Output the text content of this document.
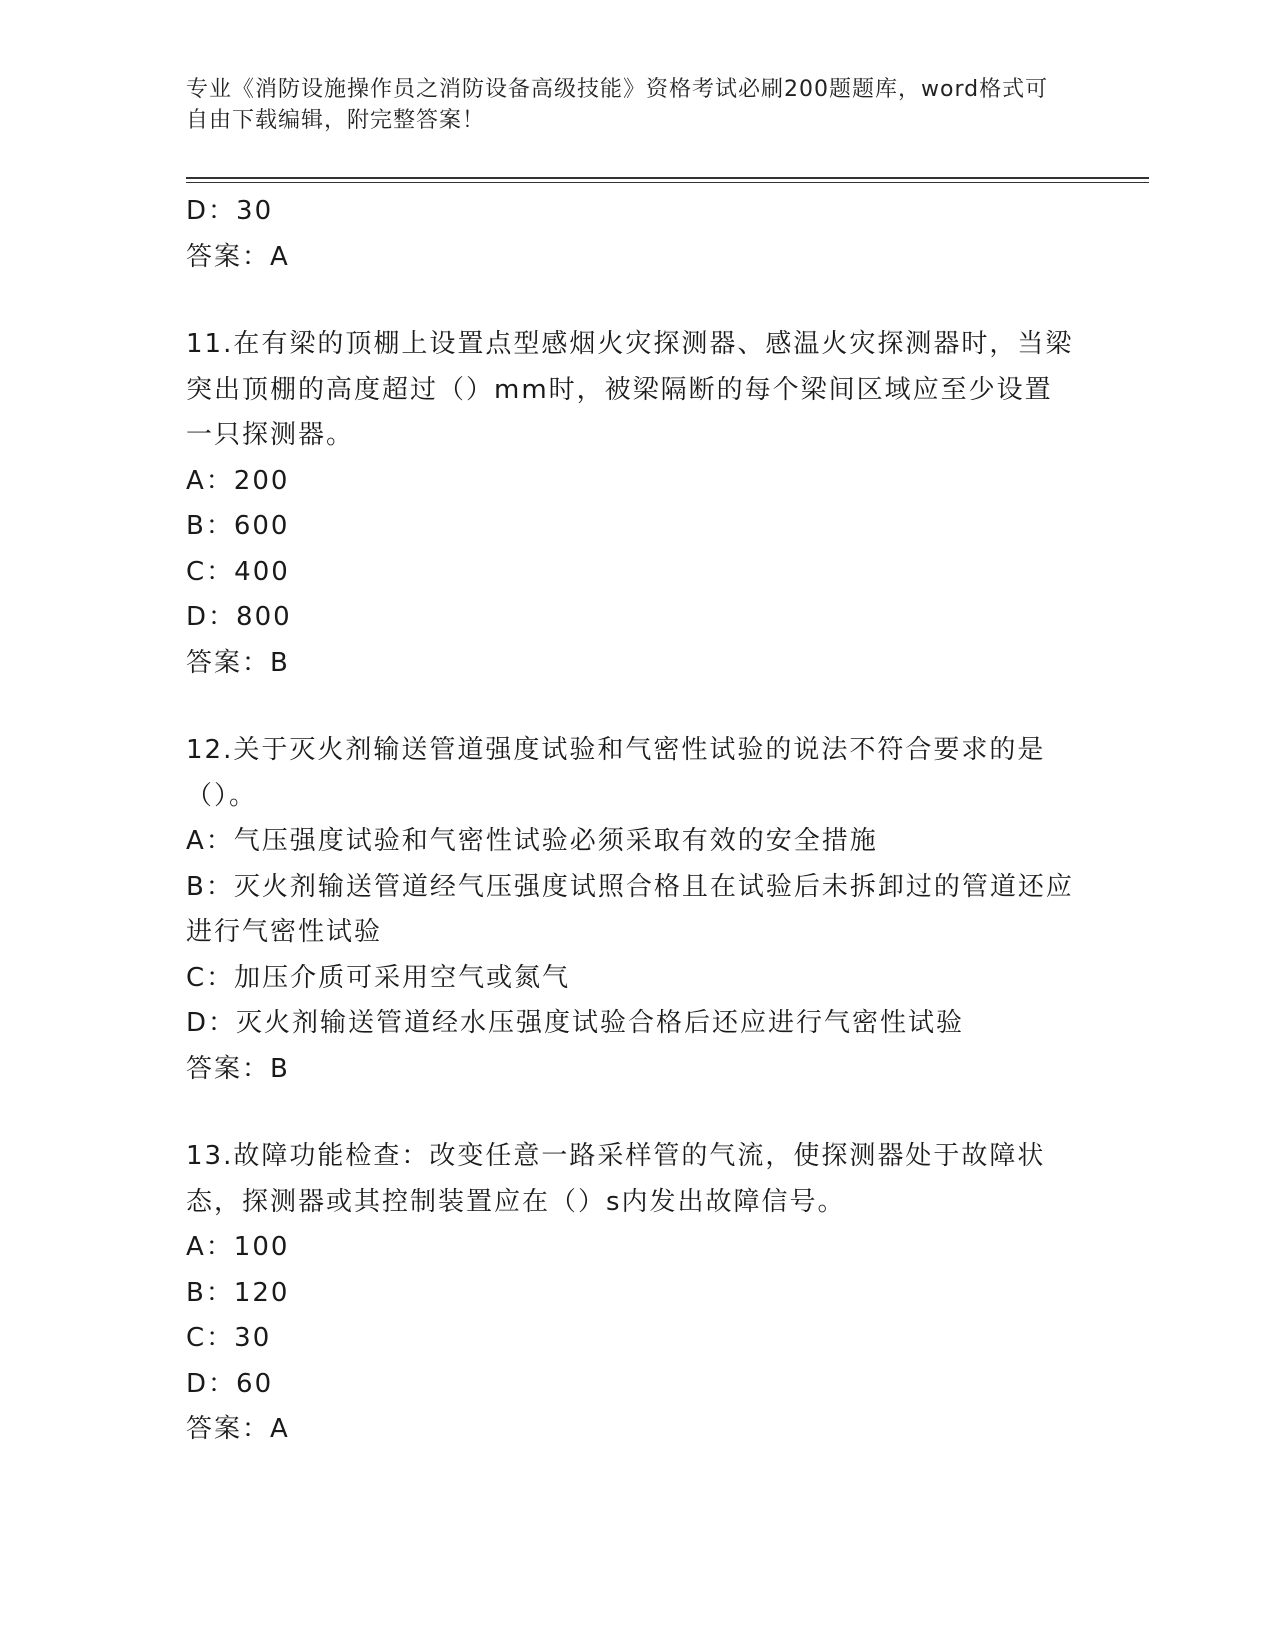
专业《消防设施操作员之消防设备高级技能》资格考试必刷200题题库，word格式可自由下载编辑，附完整答案！

D：30

答案：A

11.在有梁的顶棚上设置点型感烟火灾探测器、感温火灾探测器时，当梁突出顶棚的高度超过（）mm时，被梁隔断的每个梁间区域应至少设置一只探测器。

A：200

B：600

C：400

D：800

答案：B

12.关于灭火剂输送管道强度试验和气密性试验的说法不符合要求的是（）。

A：气压强度试验和气密性试验必须采取有效的安全措施

B：灭火剂输送管道经气压强度试照合格且在试验后未拆卸过的管道还应进行气密性试验

C：加压介质可采用空气或氮气

D：灭火剂输送管道经水压强度试验合格后还应进行气密性试验

答案：B

13.故障功能检查：改变任意一路采样管的气流，使探测器处于故障状态，探测器或其控制装置应在（）s内发出故障信号。

A：100

B：120

C：30

D：60

答案：A
